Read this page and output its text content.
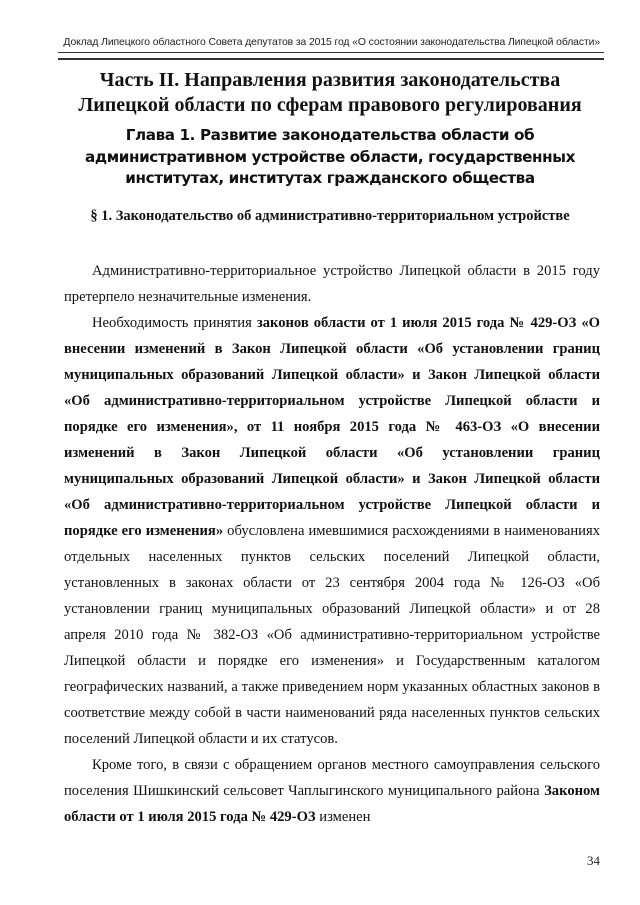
Доклад Липецкого областного Совета депутатов за 2015 год «О состоянии законодательства Липецкой области»
Часть II. Направления развития законодательства Липецкой области по сферам правового регулирования
Глава 1. Развитие законодательства области об административном устройстве области, государственных институтах, институтах гражданского общества
§ 1. Законодательство об административно-территориальном устройстве

Административно-территориальное устройство Липецкой области в 2015 году претерпело незначительные изменения.

Необходимость принятия законов области от 1 июля 2015 года № 429-ОЗ «О внесении изменений в Закон Липецкой области «Об установлении границ муниципальных образований Липецкой области» и Закон Липецкой области «Об административно-территориальном устройстве Липецкой области и порядке его изменения», от 11 ноября 2015 года № 463-ОЗ «О внесении изменений в Закон Липецкой области «Об установлении границ муниципальных образований Липецкой области» и Закон Липецкой области «Об административно-территориальном устройстве Липецкой области и порядке его изменения» обусловлена имевшимися расхождениями в наименованиях отдельных населенных пунктов сельских поселений Липецкой области, установленных в законах области от 23 сентября 2004 года № 126-ОЗ «Об установлении границ муниципальных образований Липецкой области» и от 28 апреля 2010 года № 382-ОЗ «Об административно-территориальном устройстве Липецкой области и порядке его изменения» и Государственным каталогом географических названий, а также приведением норм указанных областных законов в соответствие между собой в части наименований ряда населенных пунктов сельских поселений Липецкой области и их статусов.

Кроме того, в связи с обращением органов местного самоуправления сельского поселения Шишкинский сельсовет Чаплыгинского муниципального района Законом области от 1 июля 2015 года № 429-ОЗ изменен

34
